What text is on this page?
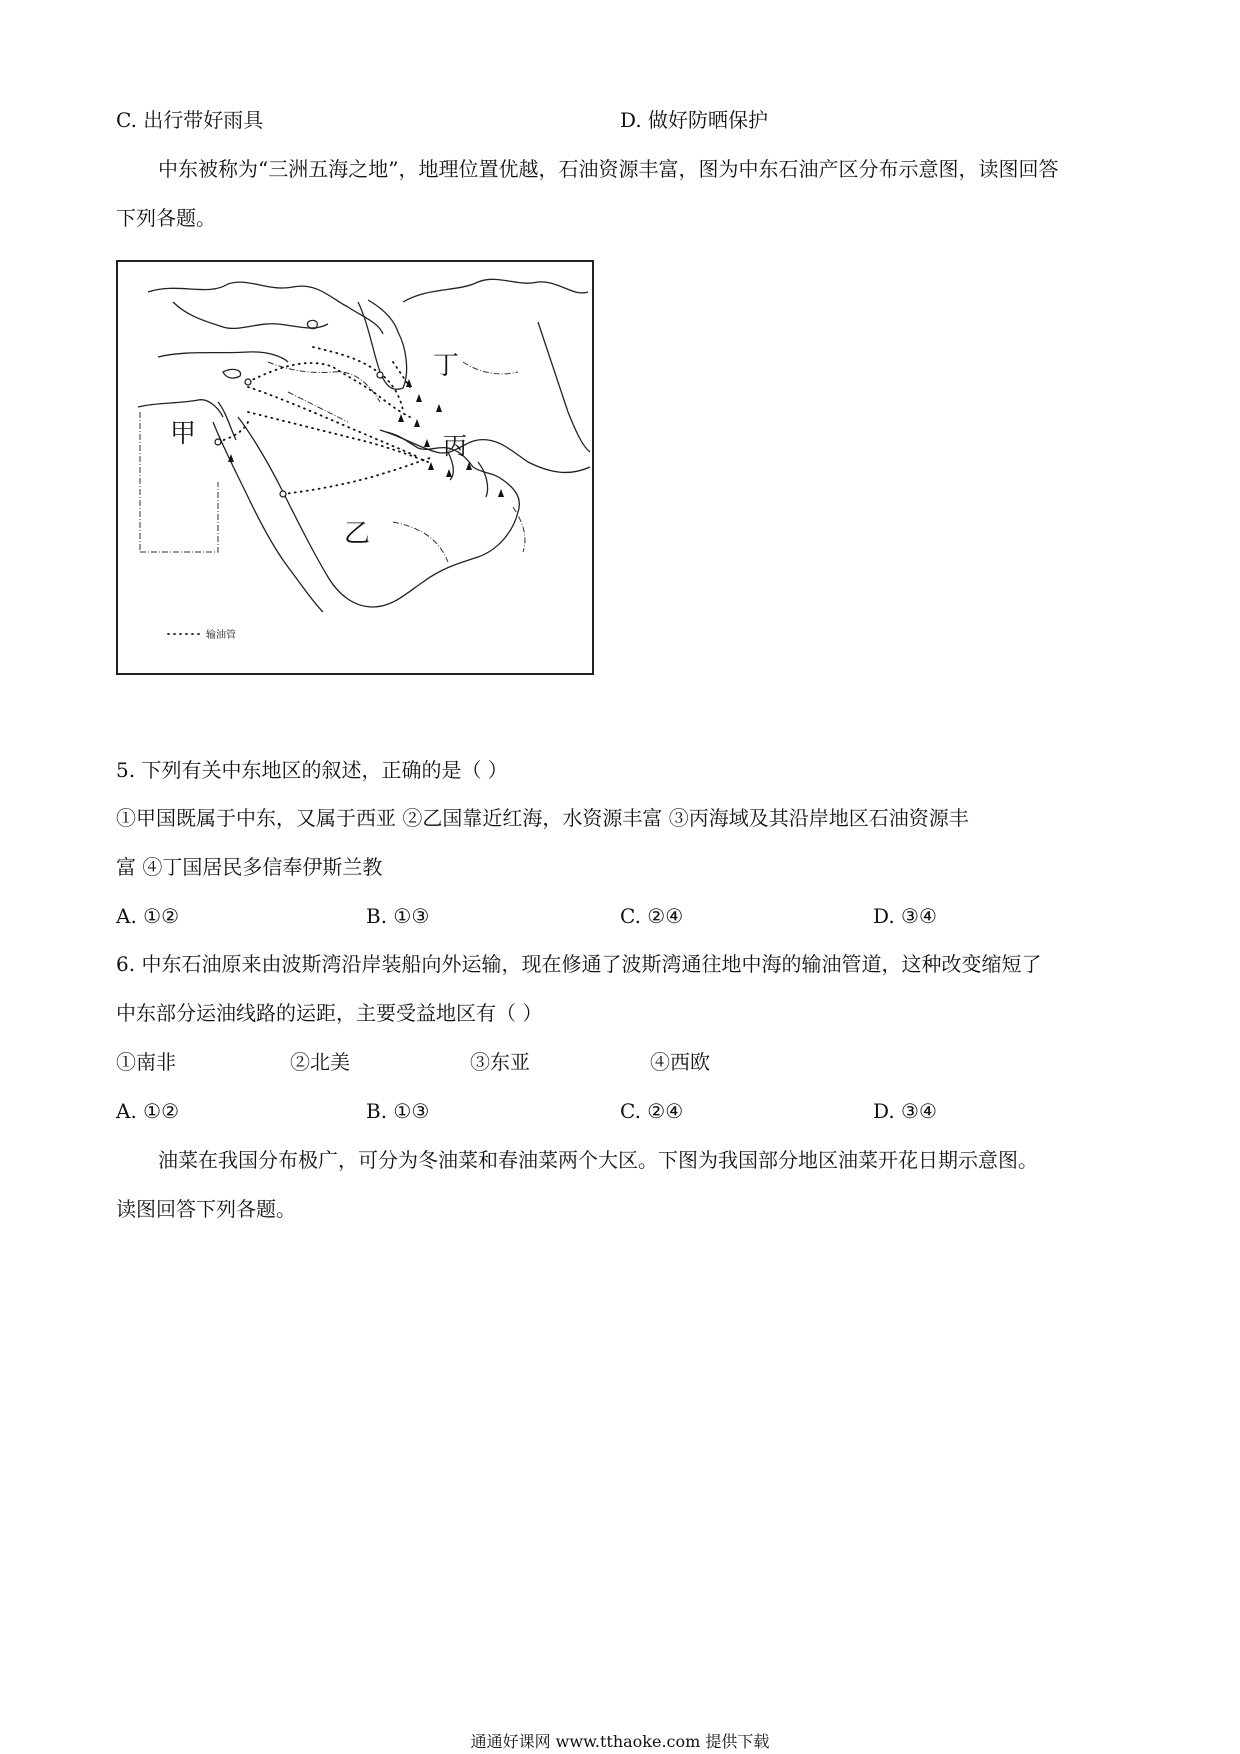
C. 出行带好雨具	D. 做好防晒保护
中东被称为“三洲五海之地”，地理位置优越，石油资源丰富，图为中东石油产区分布示意图，读图回答
下列各题。
甲
乙
丙
丁
输油管
5. 下列有关中东地区的叙述，正确的是（ ）
①甲国既属于中东，又属于西亚 ②乙国靠近红海，水资源丰富 ③丙海域及其沿岸地区石油资源丰
富 ④丁国居民多信奉伊斯兰教
A. ①②	B. ①③	C. ②④	D. ③④
6. 中东石油原来由波斯湾沿岸装船向外运输，现在修通了波斯湾通往地中海的输油管道，这种改变缩短了
中东部分运油线路的运距，主要受益地区有（ ）
①南非	②北美	③东亚	④西欧
A. ①②	B. ①③	C. ②④	D. ③④
油菜在我国分布极广，可分为冬油菜和春油菜两个大区。下图为我国部分地区油菜开花日期示意图。
读图回答下列各题。
通通好课网 www.tthaoke.com 提供下载
